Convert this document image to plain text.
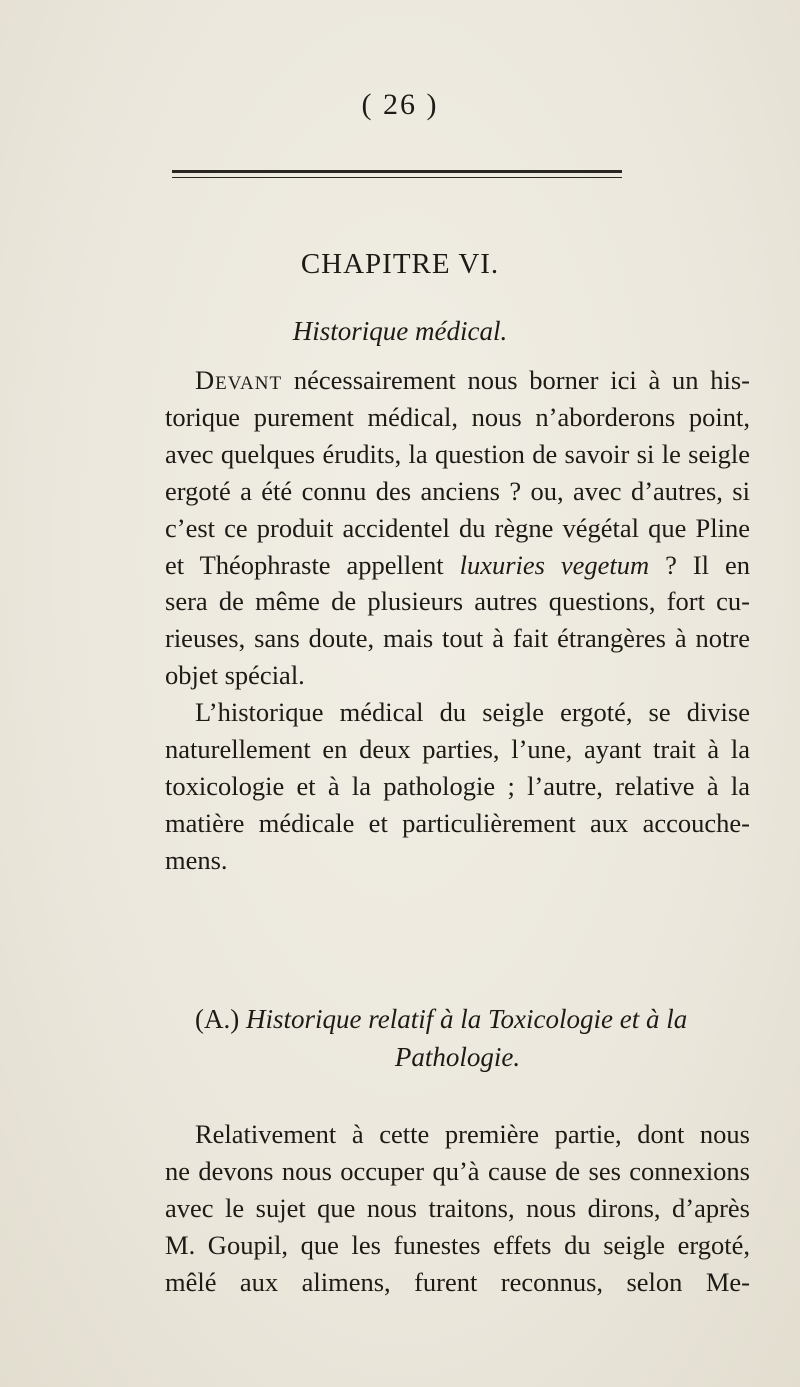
( 26 )
CHAPITRE VI.
Historique médical.
Devant nécessairement nous borner ici à un his-
torique purement médical, nous n’aborderons point,
avec quelques érudits, la question de savoir si le seigle
ergoté a été connu des anciens ? ou, avec d’autres, si
c’est ce produit accidentel du règne végétal que Pline
et Théophraste appellent luxuries vegetum ? Il en
sera de même de plusieurs autres questions, fort cu-
rieuses, sans doute, mais tout à fait étrangères à notre
objet spécial.
L’historique médical du seigle ergoté, se divise
naturellement en deux parties, l’une, ayant trait à la
toxicologie et à la pathologie ; l’autre, relative à la
matière médicale et particulièrement aux accouche-
mens.
(A.) Historique relatif à la Toxicologie et à la
Pathologie.
Relativement à cette première partie, dont nous
ne devons nous occuper qu’à cause de ses connexions
avec le sujet que nous traitons, nous dirons, d’après
M. Goupil, que les funestes effets du seigle ergoté,
mêlé aux alimens, furent reconnus, selon Me-
